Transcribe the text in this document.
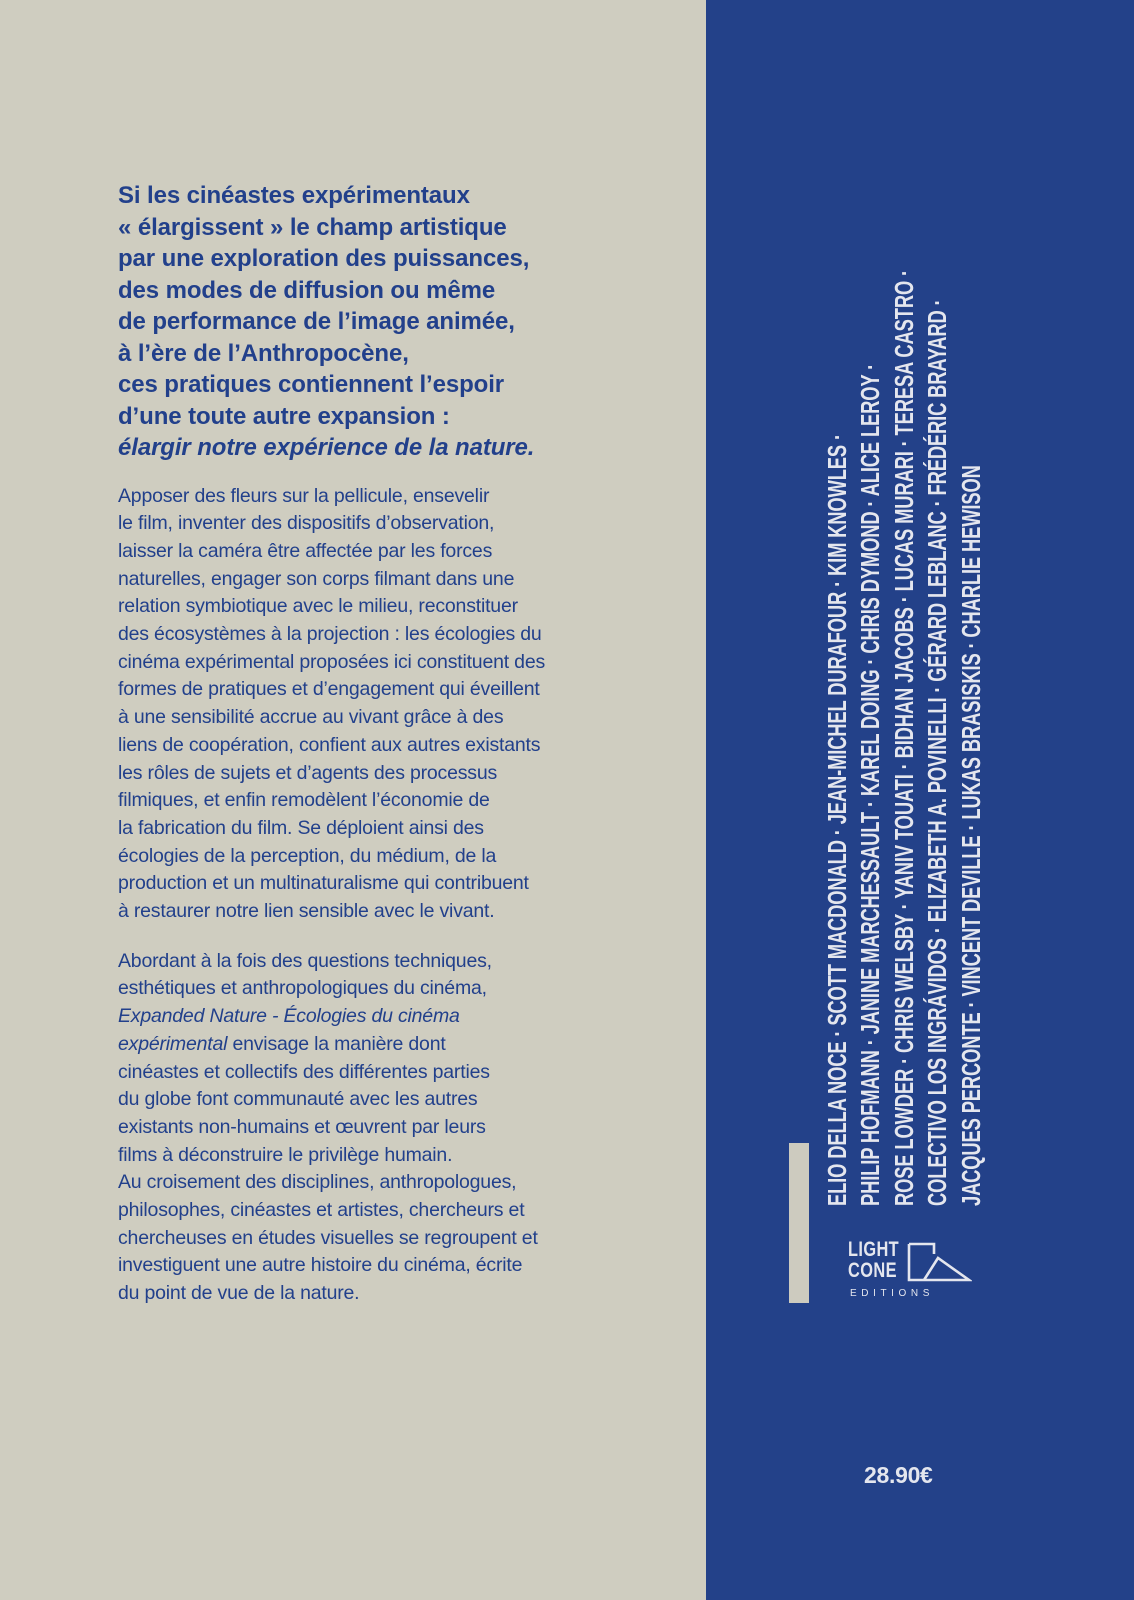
Si les cinéastes expérimentaux
« élargissent » le champ artistique
par une exploration des puissances,
des modes de diffusion ou même
de performance de l’image animée,
à l’ère de l’Anthropocène,
ces pratiques contiennent l’espoir
d’une toute autre expansion :
élargir notre expérience de la nature.

Apposer des fleurs sur la pellicule, ensevelir
le film, inventer des dispositifs d’observation,
laisser la caméra être affectée par les forces
naturelles, engager son corps filmant dans une
relation symbiotique avec le milieu, reconstituer
des écosystèmes à la projection : les écologies du
cinéma expérimental proposées ici constituent des
formes de pratiques et d’engagement qui éveillent
à une sensibilité accrue au vivant grâce à des
liens de coopération, confient aux autres existants
les rôles de sujets et d’agents des processus
filmiques, et enfin remodèlent l’économie de
la fabrication du film. Se déploient ainsi des
écologies de la perception, du médium, de la
production et un multinaturalisme qui contribuent
à restaurer notre lien sensible avec le vivant.

Abordant à la fois des questions techniques,
esthétiques et anthropologiques du cinéma,
Expanded Nature - Écologies du cinéma
expérimental envisage la manière dont
cinéastes et collectifs des différentes parties
du globe font communauté avec les autres
existants non-humains et œuvrent par leurs
films à déconstruire le privilège humain.
Au croisement des disciplines, anthropologues,
philosophes, cinéastes et artistes, chercheurs et
chercheuses en études visuelles se regroupent et
investiguent une autre histoire du cinéma, écrite
du point de vue de la nature.

ELIO DELLA NOCE · SCOTT MACDONALD · JEAN-MICHEL DURAFOUR · KIM KNOWLES · PHILIP HOFMANN · JANINE MARCHESSAULT · KAREL DOING · CHRIS DYMOND · ALICE LEROY · ROSE LOWDER · CHRIS WELSBY · YANIV TOUATI · BIDHAN JACOBS · LUCAS MURARI · TERESA CASTRO · COLECTIVO LOS INGRÁVIDOS · ELIZABETH A. POVINELLI · GÉRARD LEBLANC · FRÉDÉRIC BRAYARD · JACQUES PERCONTE · VINCENT DEVILLE · LUKAS BRASISKIS · CHARLIE HEWISON
LIGHT
CONE
EDITIONS
28.90€
